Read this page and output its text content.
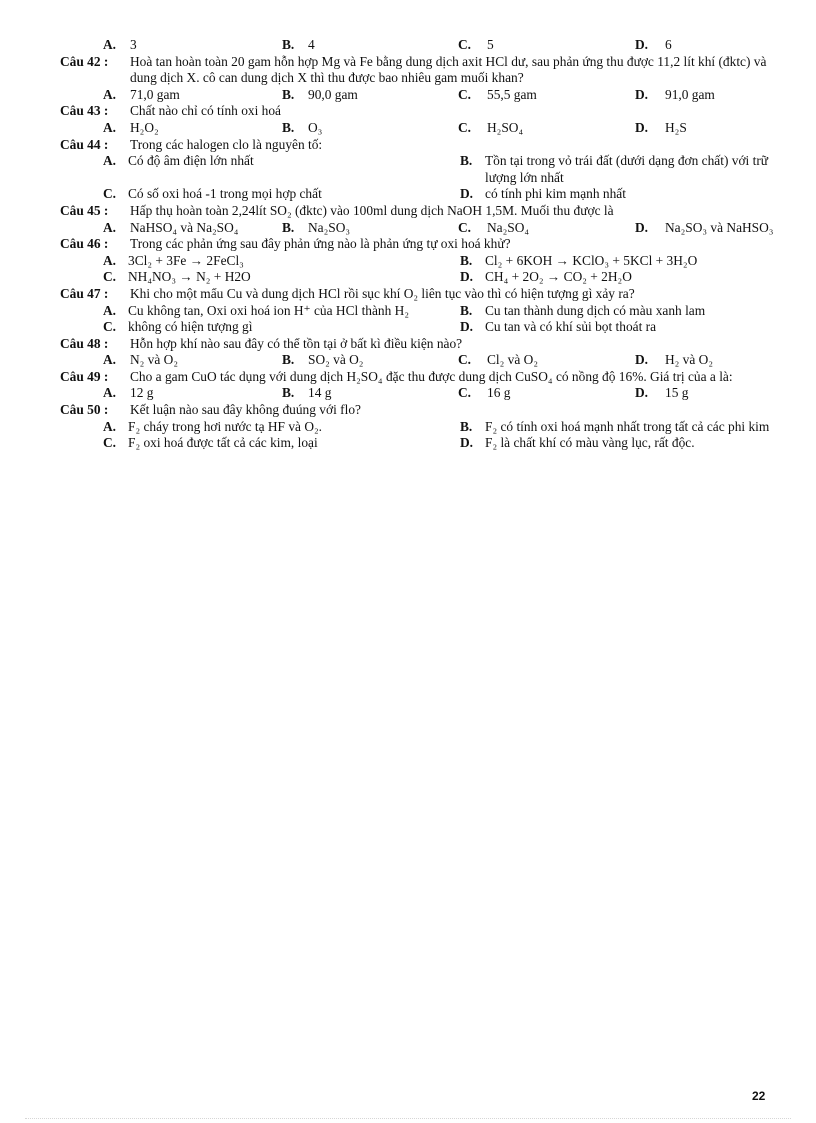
A. 3	B. 4	C. 5	D. 6
Câu 42 : Hoà tan hoàn toàn 20 gam hỗn hợp Mg và Fe bằng dung dịch axit HCl dư, sau phản ứng thu được 11,2 lít khí (đktc) và dung dịch X. cô can dung dịch X thì thu được bao nhiêu gam muối khan?
A. 71,0 gam	B. 90,0 gam	C. 55,5 gam	D. 91,0 gam
Câu 43 : Chất nào chỉ có tính oxi hoá
A. H₂O₂	B. O₃	C. H₂SO₄	D. H₂S
Câu 44 : Trong các halogen clo là nguyên tố:
A. Có độ âm điện lớn nhất	B. Tồn tại trong vỏ trái đất (dưới dạng đơn chất) với trữ lượng lớn nhất
C. Có số oxi hoá -1 trong mọi hợp chất	D. có tính phi kim mạnh nhất
Câu 45 : Hấp thụ hoàn toàn 2,24lít SO₂ (đktc) vào 100ml dung dịch NaOH 1,5M. Muối thu được là
A. NaHSO₄ và Na₂SO₄	B. Na₂SO₃	C. Na₂SO₄	D. Na₂SO₃ và NaHSO₃
Câu 46 : Trong các phản ứng sau đây phản ứng nào là phản ứng tự oxi hoá khử?
A. 3Cl₂ + 3Fe → 2FeCl₃	B. Cl₂ + 6KOH → KClO₃ + 5KCl + 3H₂O
C. NH₄NO₃ → N₂ + H2O	D. CH₄ + 2O₂ → CO₂ + 2H₂O
Câu 47 : Khi cho một mẩu Cu và dung dịch HCl rồi sục khí O₂ liên tục vào thì có hiện tượng gì xảy ra?
A. Cu không tan, Oxi oxi hoá ion H⁺ của HCl thành H₂	B. Cu tan thành dung dịch có màu xanh lam
C. không có hiện tượng gì	D. Cu tan và có khí sủi bọt thoát ra
Câu 48 : Hỗn hợp khí nào sau đây có thể tồn tại ở bất kì điều kiện nào?
A. N₂ và O₂	B. SO₂ và O₂	C. Cl₂ và O₂	D. H₂ và O₂
Câu 49 : Cho a gam CuO tác dụng với dung dịch H₂SO₄ đặc thu được dung dịch CuSO₄ có nồng độ 16%. Giá trị của a là:
A. 12 g	B. 14 g	C. 16 g	D. 15 g
Câu 50 : Kết luận nào sau đây không đuúng với flo?
A. F₂ cháy trong hơi nước tạ HF và O₂.	B. F₂ có tính oxi hoá mạnh nhất trong tất cả các phi kim
C. F₂ oxi hoá được tất cả các kim, loại	D. F₂ là chất khí có màu vàng lục, rất độc.
22
